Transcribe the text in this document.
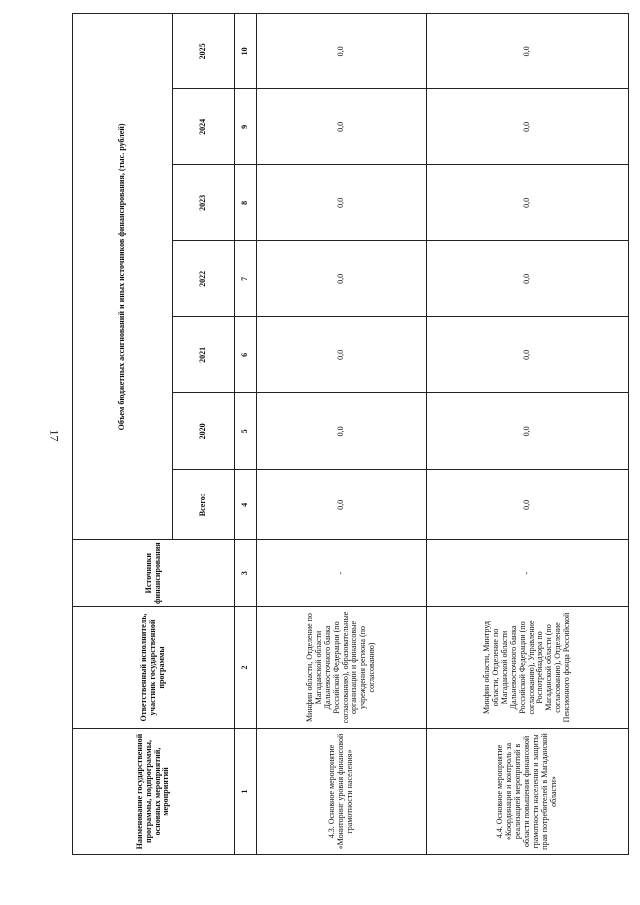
17
Наименование государственной программы, подпрограммы, основных мероприятий, мероприятий	Ответственный исполнитель, участник государственной программы	Источники финансирования	Объем бюджетных ассигнований и иных источников финансирования, (тыс. рублей)						
			Всего:	2020	2021	2022	2023	2024	2025
1	2	3	4	5	6	7	8	9	10
4.3. Основное мероприятие «Мониторинг уровня финансовой грамотности населения»	Минфин области, Отделение по Магаданской области Дальневосточного банка Российской Федерации (по согласованию), образовательные организации и финансовые учреждения региона (по согласованию)	-	0,0	0,0	0,0	0,0	0,0	0,0	0,0
4.4. Основное мероприятие «Координация и контроль за реализацией мероприятий в области повышения финансовой грамотности населения и защиты прав потребителей в Магаданской области»	Минфин области, Минтруд области, Отделение по Магаданской области Дальневосточного банка Российской Федерации (по согласованию), Управление Роспотребнадзора по Магаданской области (по согласованию), Отделение Пенсионного фонда Российской	-	0,0	0,0	0,0	0,0	0,0	0,0	0,0
